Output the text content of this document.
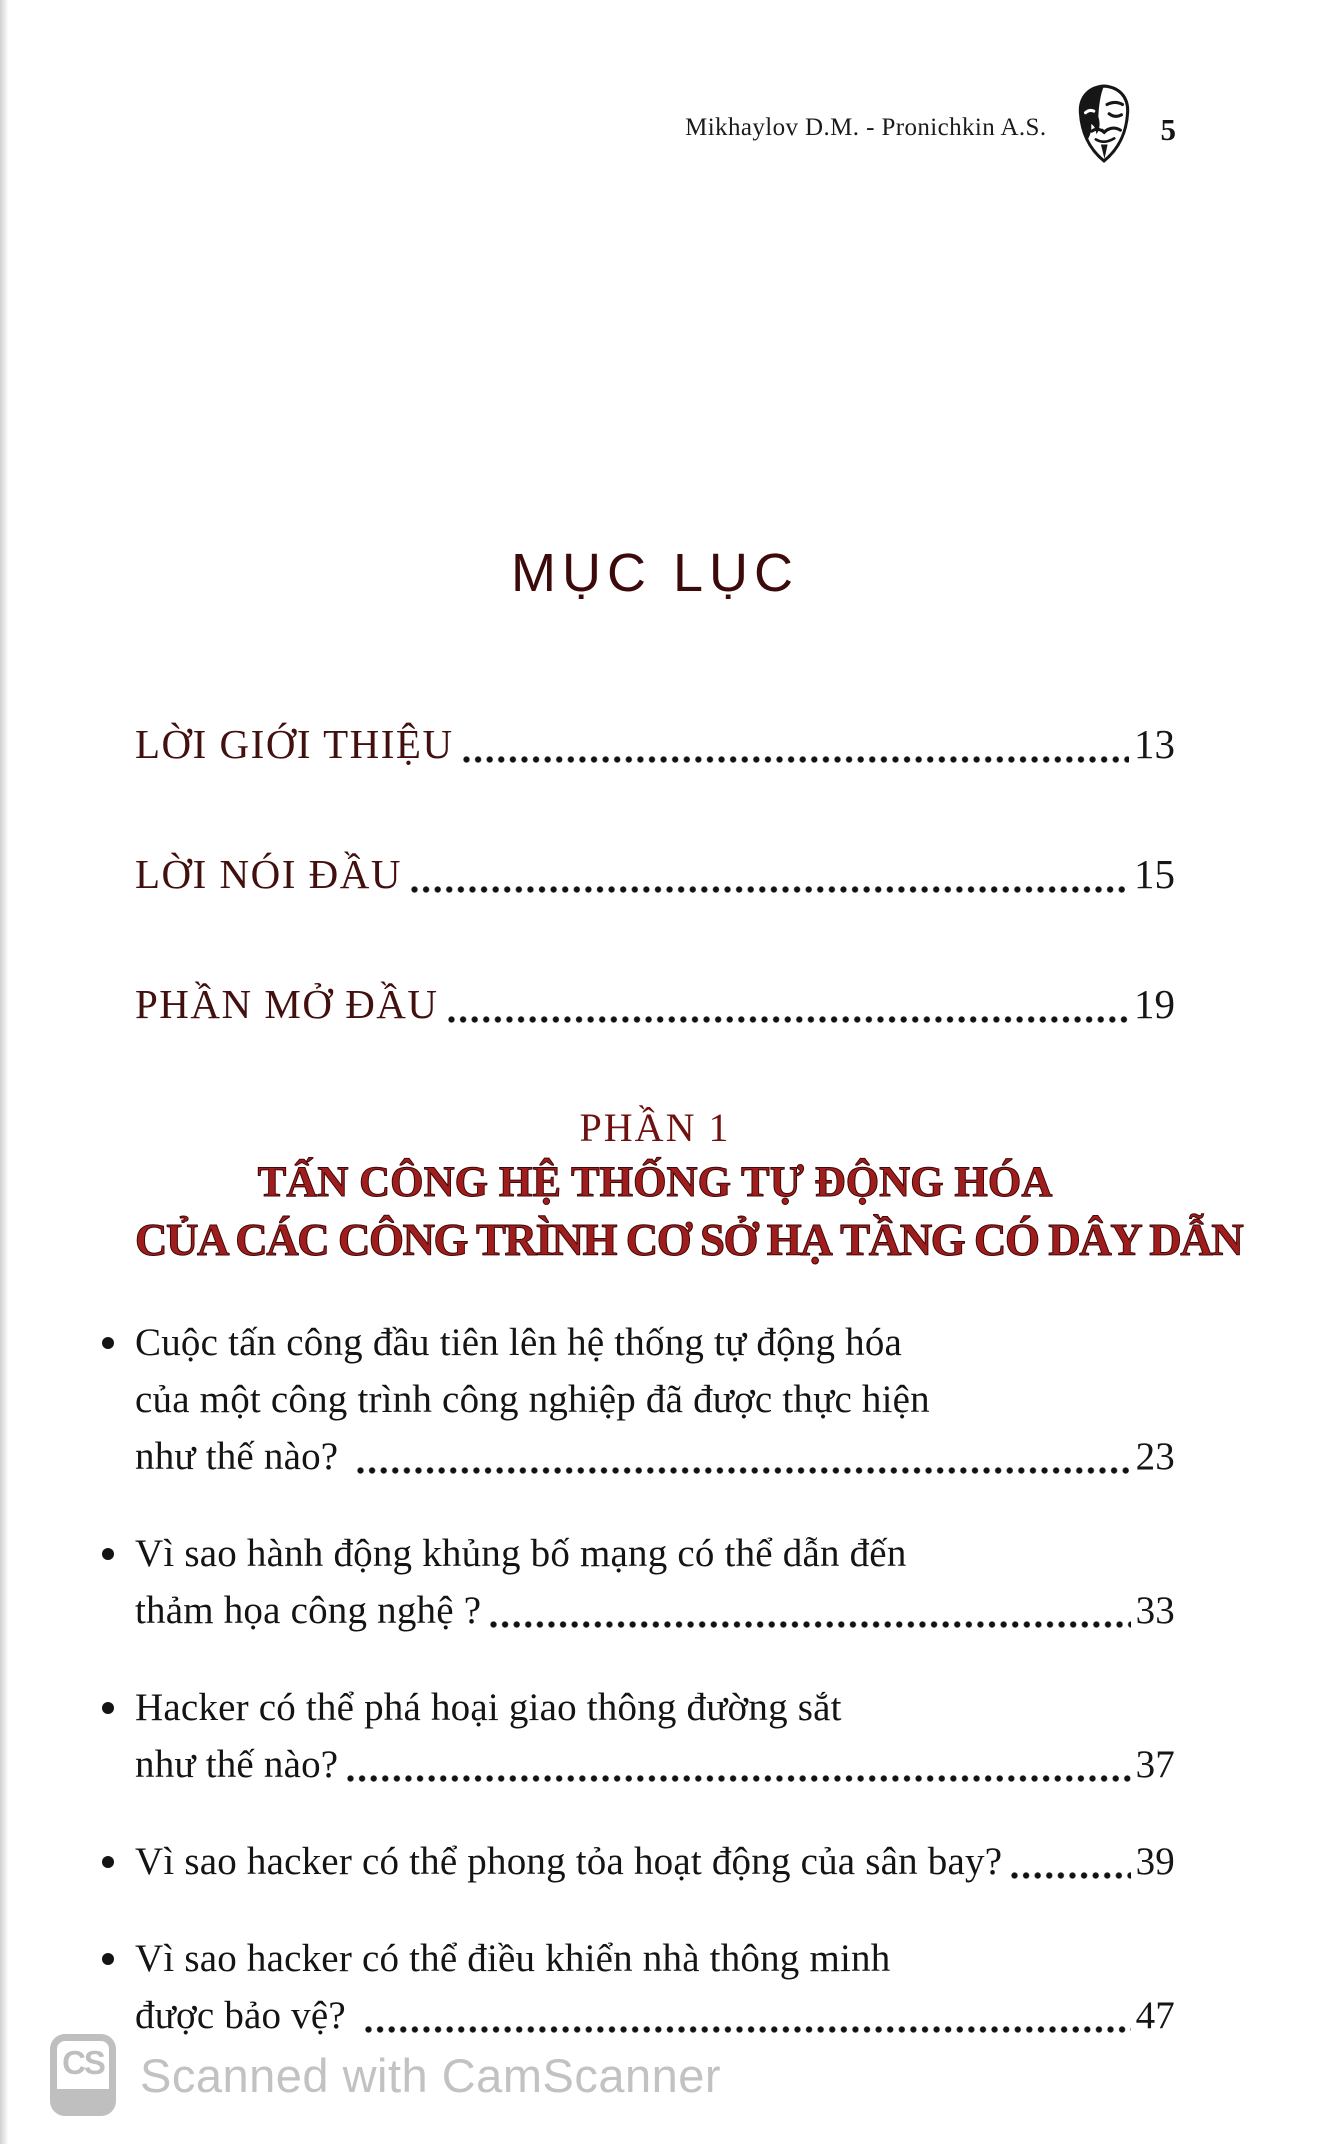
Mikhaylov D.M. - Pronichkin A.S.	5
MỤC LỤC
LỜI GIỚI THIỆU	13
LỜI NÓI ĐẦU	15
PHẦN MỞ ĐẦU	19
PHẦN 1
TẤN CÔNG HỆ THỐNG TỰ ĐỘNG HÓA
CỦA CÁC CÔNG TRÌNH CƠ SỞ HẠ TẦNG CÓ DÂY DẪN
Cuộc tấn công đầu tiên lên hệ thống tự động hóa
của một công trình công nghiệp đã được thực hiện
như thế nào?	23
Vì sao hành động khủng bố mạng có thể dẫn đến
thảm họa công nghệ ?	33
Hacker có thể phá hoại giao thông đường sắt
như thế nào?	37
Vì sao hacker có thể phong tỏa hoạt động của sân bay?	39
Vì sao hacker có thể điều khiển nhà thông minh
được bảo vệ?	47
CS Scanned with CamScanner
